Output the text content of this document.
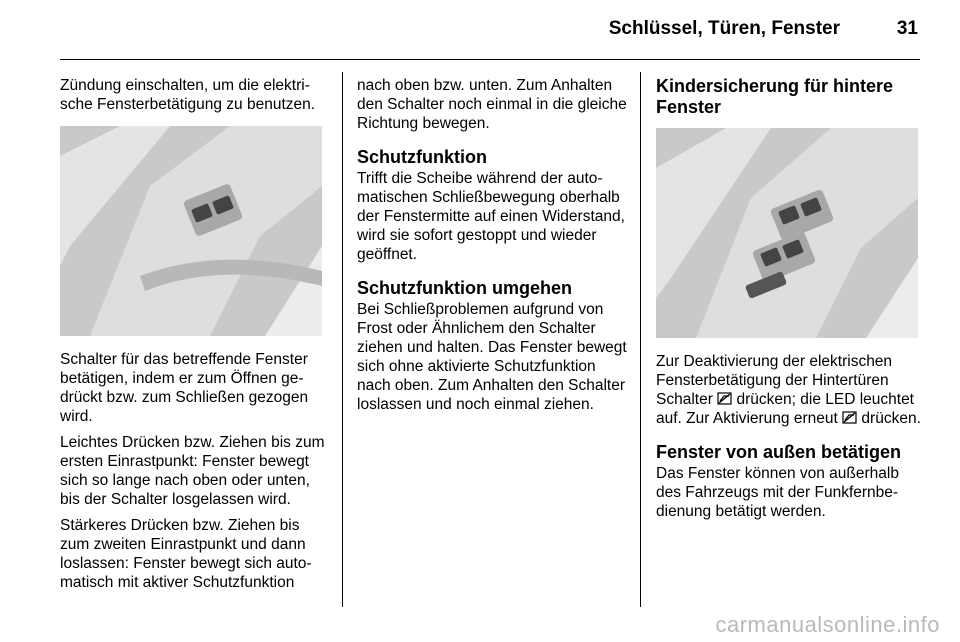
Schlüssel, Türen, Fenster	31

Zündung einschalten, um die elektrische Fensterbetätigung zu benutzen.

Schalter für das betreffende Fenster betätigen, indem er zum Öffnen gedrückt bzw. zum Schließen gezogen wird.

Leichtes Drücken bzw. Ziehen bis zum ersten Einrastpunkt: Fenster bewegt sich so lange nach oben oder unten, bis der Schalter losgelassen wird.

Stärkeres Drücken bzw. Ziehen bis zum zweiten Einrastpunkt und dann loslassen: Fenster bewegt sich automatisch mit aktiver Schutzfunktion

nach oben bzw. unten. Zum Anhalten den Schalter noch einmal in die gleiche Richtung bewegen.

Schutzfunktion

Trifft die Scheibe während der automatischen Schließbewegung oberhalb der Fenstermitte auf einen Widerstand, wird sie sofort gestoppt und wieder geöffnet.

Schutzfunktion umgehen

Bei Schließproblemen aufgrund von Frost oder Ähnlichem den Schalter ziehen und halten. Das Fenster bewegt sich ohne aktivierte Schutzfunktion nach oben. Zum Anhalten den Schalter loslassen und noch einmal ziehen.

Kindersicherung für hintere Fenster

Zur Deaktivierung der elektrischen Fensterbetätigung der Hintertüren Schalter drücken; die LED leuchtet auf. Zur Aktivierung erneut drücken.

Fenster von außen betätigen

Das Fenster können von außerhalb des Fahrzeugs mit der Funkfernbedienung betätigt werden.

carmanualsonline.info
